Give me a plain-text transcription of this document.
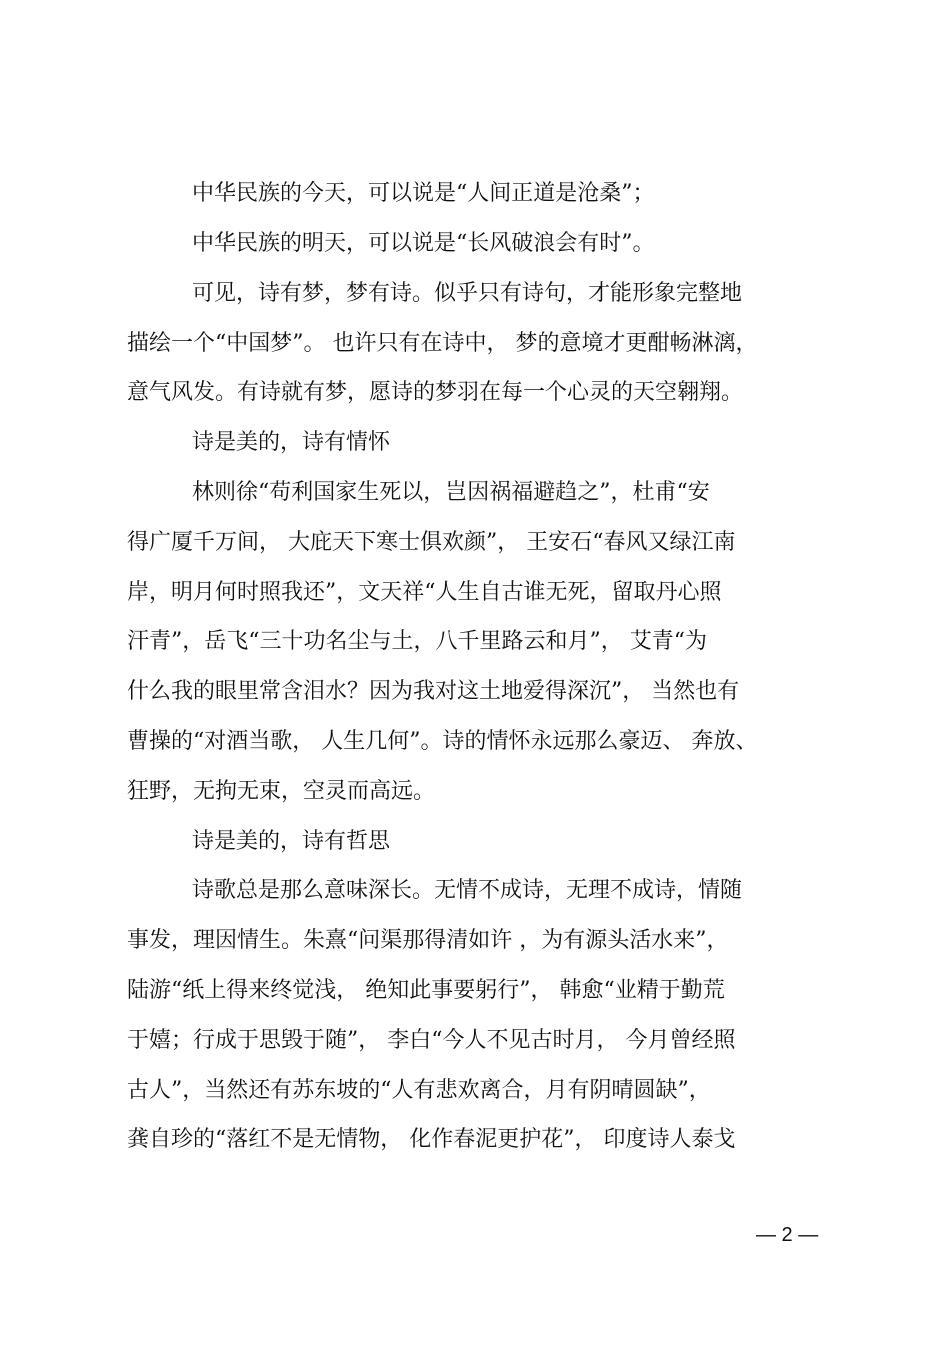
中华民族的今天，可以说是“人间正道是沧桑”；
中华民族的明天，可以说是“长风破浪会有时”。
可见，诗有梦，梦有诗。似乎只有诗句，才能形象完整地
描绘一个“中国梦”。 也许只有在诗中， 梦的意境才更酣畅淋漓，
意气风发。有诗就有梦，愿诗的梦羽在每一个心灵的天空翱翔。
诗是美的，诗有情怀
林则徐“苟利国家生死以，岂因祸福避趋之”，杜甫“安
得广厦千万间， 大庇天下寒士俱欢颜”， 王安石“春风又绿江南
岸，明月何时照我还”，文天祥“人生自古谁无死，留取丹心照
汗青”，岳飞“三十功名尘与土，八千里路云和月”， 艾青“为
什么我的眼里常含泪水？因为我对这土地爱得深沉”， 当然也有
曹操的“对酒当歌， 人生几何”。诗的情怀永远那么豪迈、 奔放、
狂野，无拘无束，空灵而高远。
诗是美的，诗有哲思
诗歌总是那么意味深长。无情不成诗，无理不成诗，情随
事发，理因情生。朱熹“问渠那得清如许 ，为有源头活水来”，
陆游“纸上得来终觉浅， 绝知此事要躬行”， 韩愈“业精于勤荒
于嬉；行成于思毁于随”， 李白“今人不见古时月， 今月曾经照
古人”，当然还有苏东坡的“人有悲欢离合，月有阴晴圆缺”，
龚自珍的“落红不是无情物， 化作春泥更护花”， 印度诗人泰戈
— 2 —
